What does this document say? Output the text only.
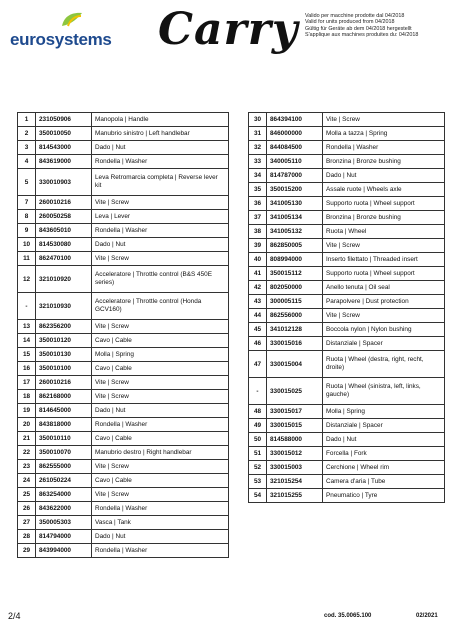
eurosystems Carry Valido per macchine prodotte dal 04/2018
Valid for units produced from 04/2018
Gültig für Geräte ab dem 04/2018 hergestellt
S'applique aux machines produites du: 04/2018
1	231050906	Manopola | Handle
2	350010050	Manubrio sinistro | Left handlebar
3	814543000	Dado | Nut
4	843619000	Rondella | Washer
5	330010903	Leva Retromarcia completa | Reverse lever kit
7	260010216	Vite | Screw
8	260050258	Leva | Lever
9	843605010	Rondella | Washer
10	814530080	Dado | Nut
11	862470100	Vite | Screw
12	321010920	Acceleratore | Throttle control (B&S 450E series)
-	321010930	Acceleratore | Throttle control (Honda GCV160)
13	862356200	Vite | Screw
14	350010120	Cavo | Cable
15	350010130	Molla | Spring
16	350010100	Cavo | Cable
17	260010216	Vite | Screw
18	862168000	Vite | Screw
19	814645000	Dado | Nut
20	843818000	Rondella | Washer
21	350010110	Cavo | Cable
22	350010070	Manubrio destro | Right handlebar
23	862555000	Vite | Screw
24	261050224	Cavo | Cable
25	863254000	Vite | Screw
26	843622000	Rondella | Washer
27	350005303	Vasca | Tank
28	814794000	Dado | Nut
29	843994000	Rondella | Washer
30	864394100	Vite | Screw
31	846000000	Molla a tazza | Spring
32	844084500	Rondella | Washer
33	340005110	Bronzina | Bronze bushing
34	814787000	Dado | Nut
35	350015200	Assale ruote | Wheels axle
36	341005130	Supporto ruota | Wheel support
37	341005134	Bronzina | Bronze bushing
38	341005132	Ruota | Wheel
39	862850005	Vite | Screw
40	808994000	Inserto filettato | Threaded insert
41	350015112	Supporto ruota | Wheel support
42	802050000	Anello tenuta | Oil seal
43	300005115	Parapolvere | Dust protection
44	862556000	Vite | Screw
45	341012128	Boccola nylon | Nylon bushing
46	330015016	Distanziale | Spacer
47	330015004	Ruota | Wheel (destra, right, recht, droite)
-	330015025	Ruota | Wheel (sinistra, left, links, gauche)
48	330015017	Molla | Spring
49	330015015	Distanziale | Spacer
50	814588000	Dado | Nut
51	330015012	Forcella | Fork
52	330015003	Cerchione | Wheel rim
53	321015254	Camera d'aria | Tube
54	321015255	Pneumatico | Tyre
2/4	cod. 35.0065.100	02/2021
